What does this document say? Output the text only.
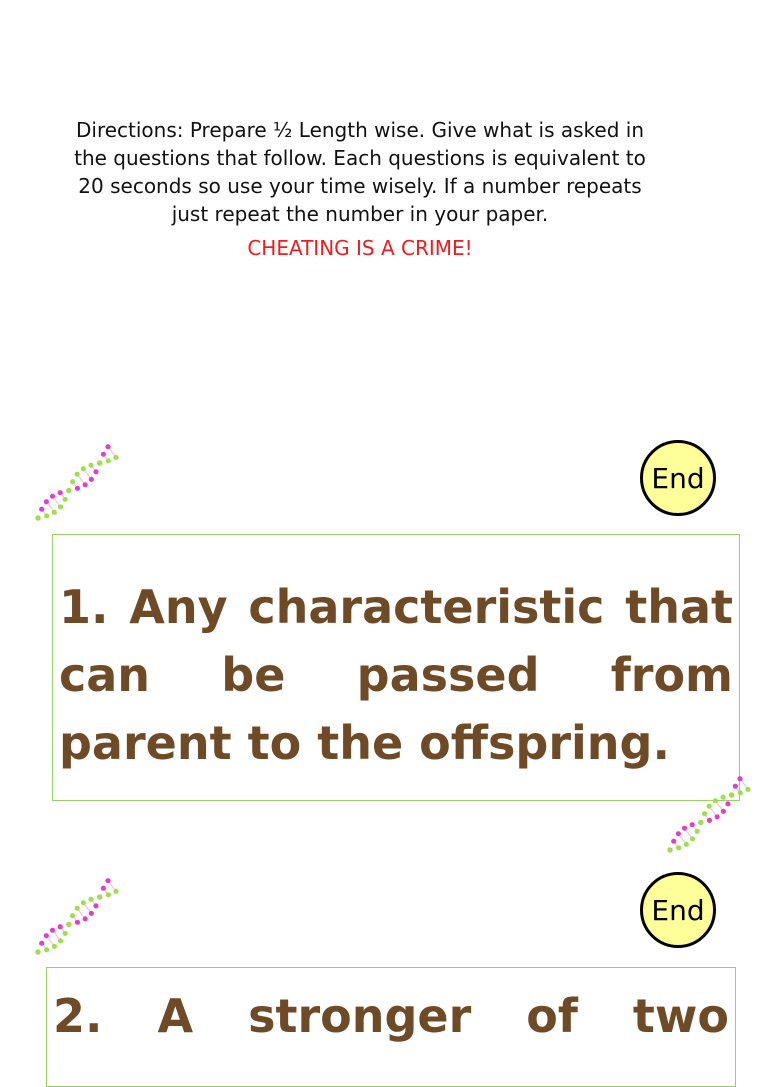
Directions: Prepare ½ Length wise. Give what is asked in
the questions that follow. Each questions is equivalent to
20 seconds so use your time wisely. If a number repeats
just repeat the number in your paper.
CHEATING IS A CRIME!
End

1. Any characteristic that can be passed from parent to the offspring.

End

2. A stronger of two
